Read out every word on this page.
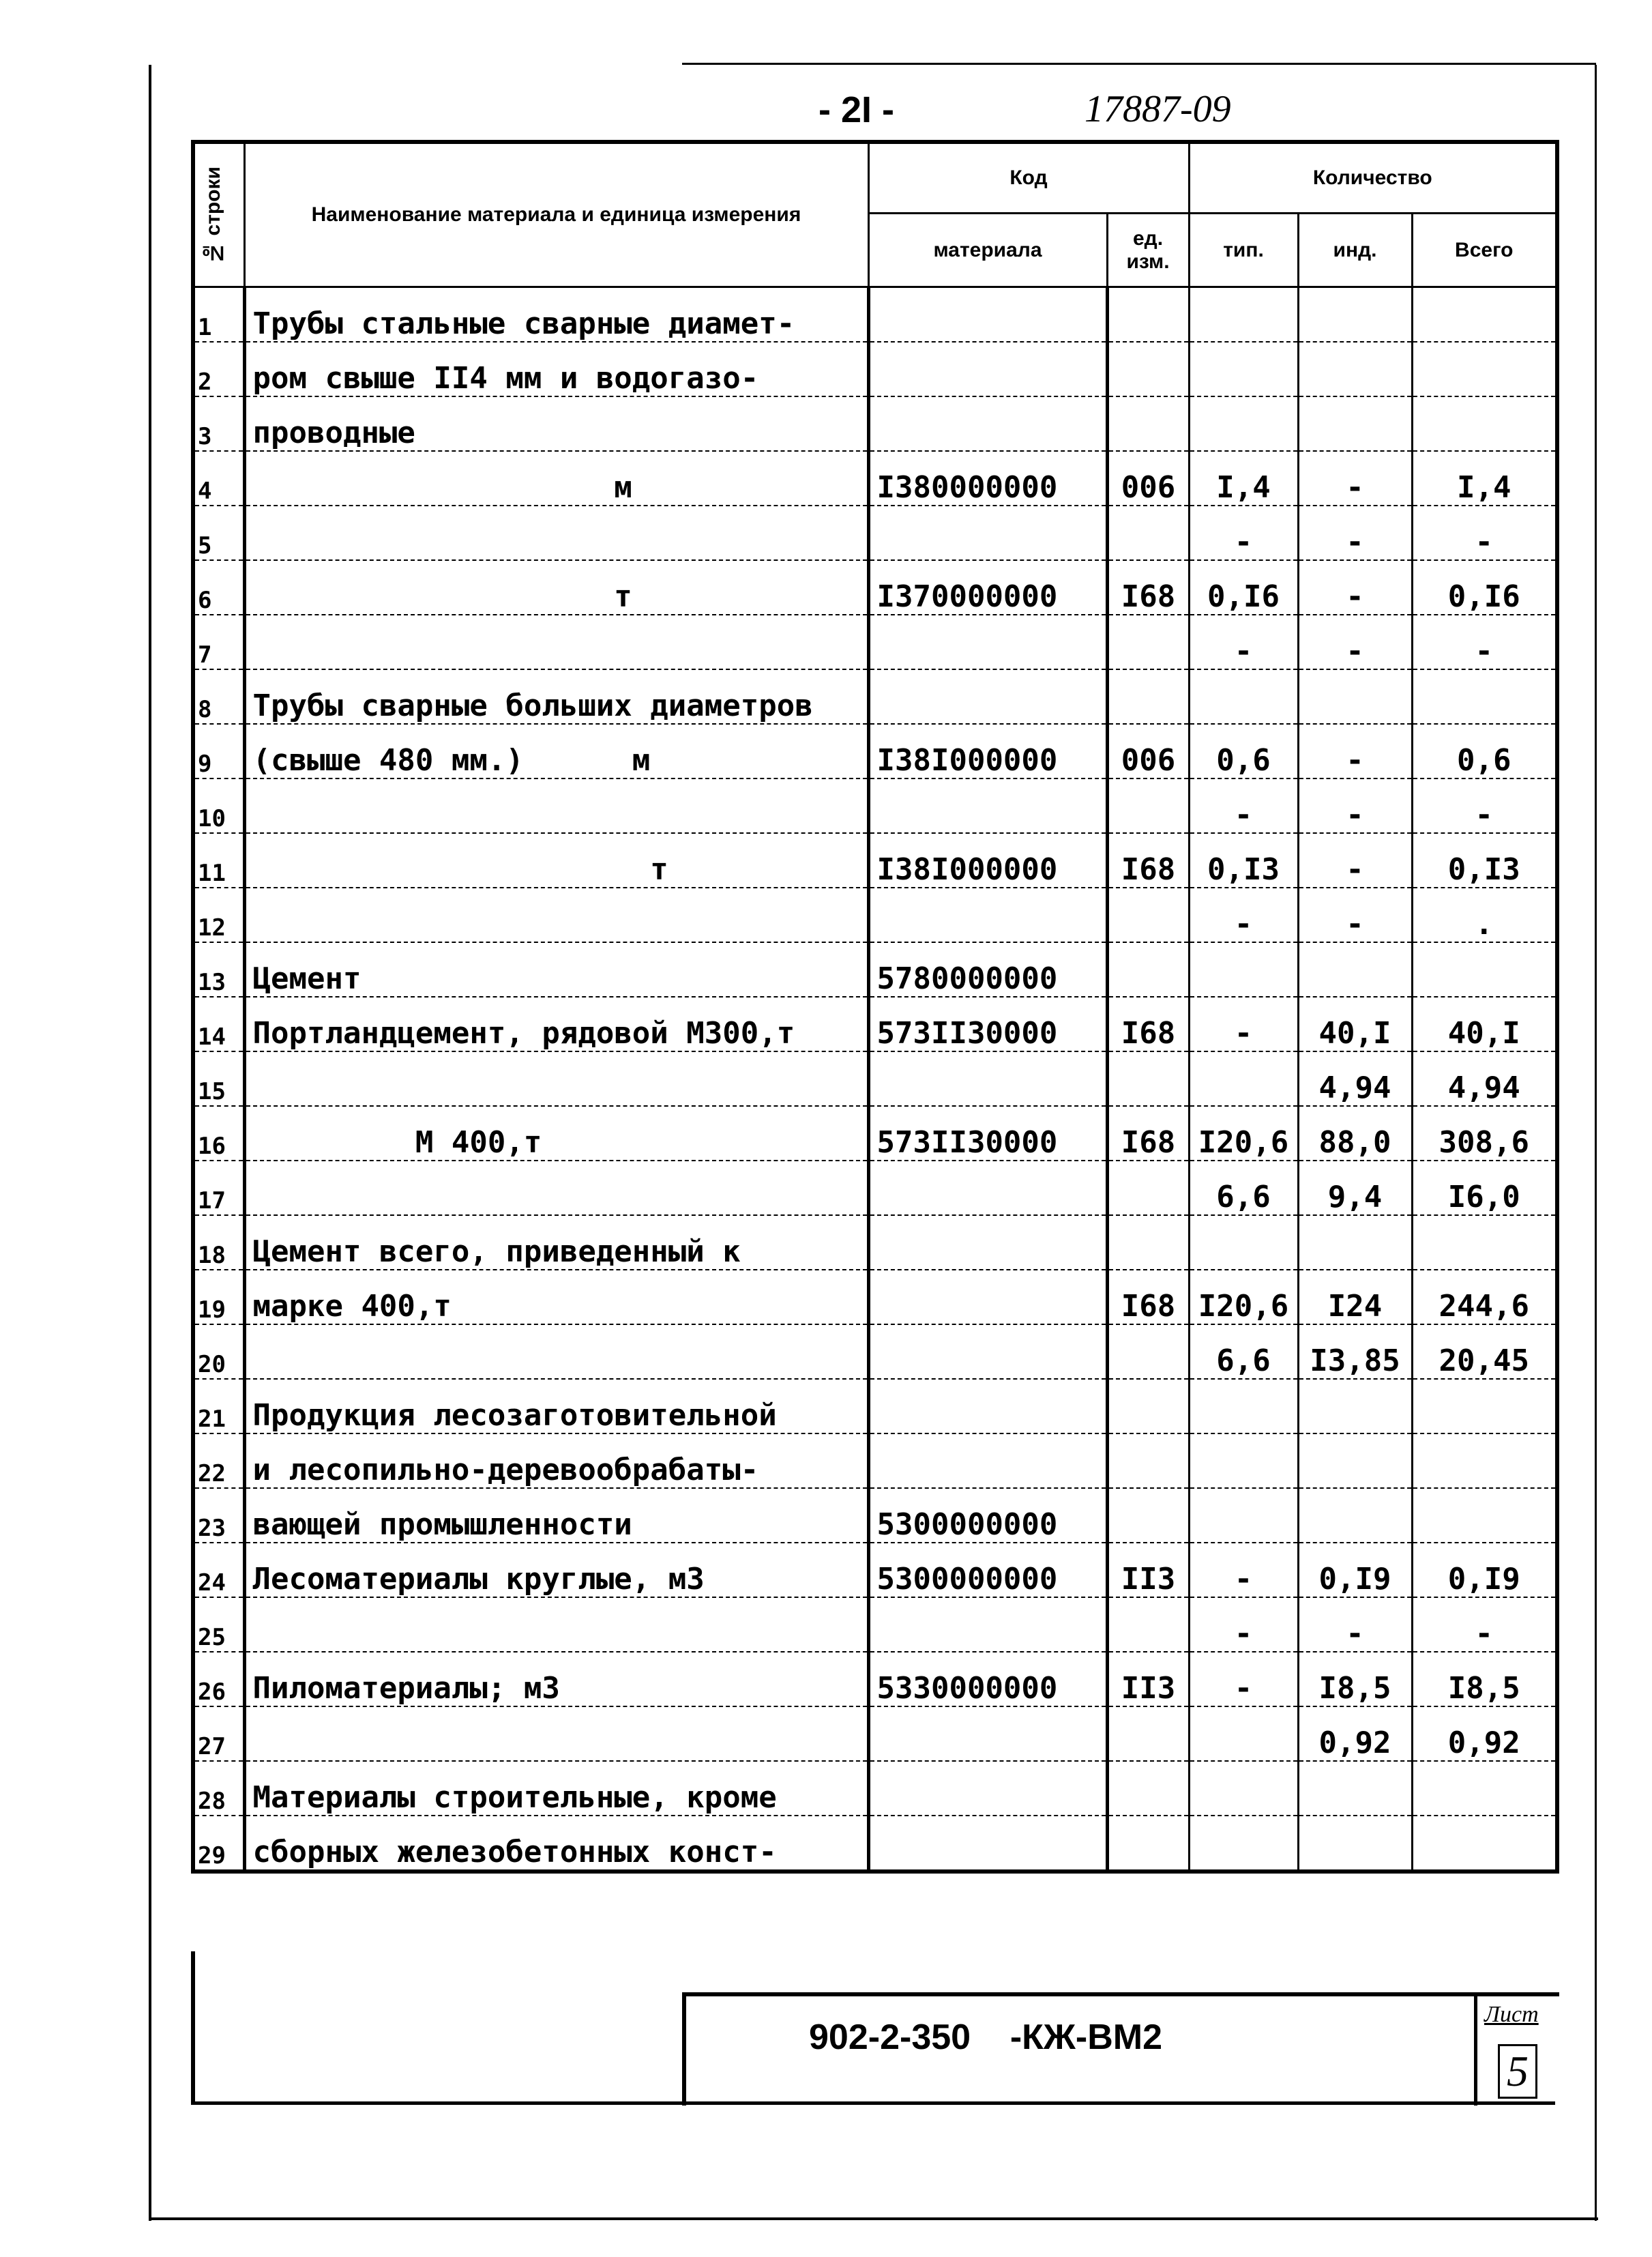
- 2I -	17887-09
№ строки	Наименование материала и единица измерения	Код		Количество		
		материала	ед. изм.	тип.	инд.	Всего
1	Трубы стальные сварные диамет-					
2	ром свыше II4 мм и водогазо-					
3	проводные					
4	м	I380000000	006	I,4	-	I,4
5				-	-	-
6	т	I370000000	I68	0,I6	-	0,I6
7				-	-	-
8	Трубы сварные больших диаметров					
9	(свыше 480 мм.)      м	I38I000000	006	0,6	-	0,6
10				-	-	-
11	т	I38I000000	I68	0,I3	-	0,I3
12				-	-	.
13	Цемент	5780000000				
14	Портландцемент, рядовой М300,т	573II30000	I68	-	40,I	40,I
15					4,94	4,94
16	М 400,т	573II30000	I68	I20,6	88,0	308,6
17				6,6	9,4	I6,0
18	Цемент всего, приведенный к					
19	марке 400,т		I68	I20,6	I24	244,6
20				6,6	I3,85	20,45
21	Продукция лесозаготовительной					
22	и лесопильно-деревообрабаты-					
23	вающей промышленности	5300000000				
24	Лесоматериалы круглые, м3	5300000000	II3	-	0,I9	0,I9
25				-	-	-
26	Пиломатериалы; м3	5330000000	II3	-	I8,5	I8,5
27					0,92	0,92
28	Материалы строительные, кроме					
29	сборных железобетонных конст-					
902-2-350    -КЖ-ВМ2
Лист
5
